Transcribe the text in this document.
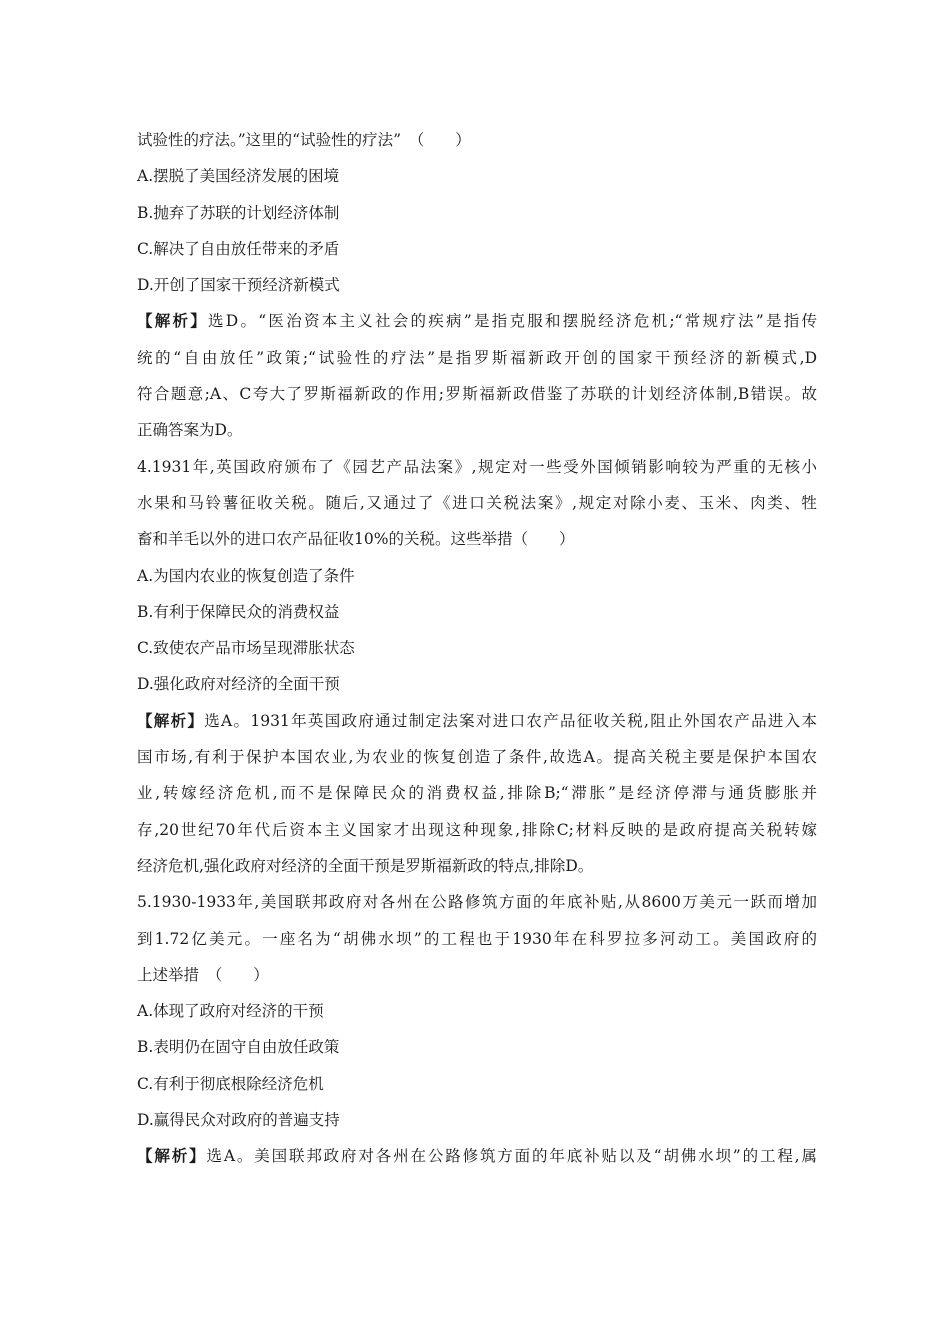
试验性的疗法。”这里的“试验性的疗法”　（　　）
A.摆脱了美国经济发展的困境
B.抛弃了苏联的计划经济体制
C.解决了自由放任带来的矛盾
D.开创了国家干预经济新模式
【解析】选D。“医治资本主义社会的疾病”是指克服和摆脱经济危机;“常规疗法”是指传
统的“自由放任”政策;“试验性的疗法”是指罗斯福新政开创的国家干预经济的新模式,D
符合题意;A、C夸大了罗斯福新政的作用;罗斯福新政借鉴了苏联的计划经济体制,B错误。故
正确答案为D。
4.1931年,英国政府颁布了《园艺产品法案》,规定对一些受外国倾销影响较为严重的无核小
水果和马铃薯征收关税。随后,又通过了《进口关税法案》,规定对除小麦、玉米、肉类、牲
畜和羊毛以外的进口农产品征收10%的关税。这些举措（　　）
A.为国内农业的恢复创造了条件
B.有利于保障民众的消费权益
C.致使农产品市场呈现滞胀状态
D.强化政府对经济的全面干预
【解析】选A。1931年英国政府通过制定法案对进口农产品征收关税,阻止外国农产品进入本
国市场,有利于保护本国农业,为农业的恢复创造了条件,故选A。提高关税主要是保护本国农
业,转嫁经济危机,而不是保障民众的消费权益,排除B;“滞胀”是经济停滞与通货膨胀并
存,20世纪70年代后资本主义国家才出现这种现象,排除C;材料反映的是政府提高关税转嫁
经济危机,强化政府对经济的全面干预是罗斯福新政的特点,排除D。
5.1930-1933年,美国联邦政府对各州在公路修筑方面的年底补贴,从8600万美元一跃而增加
到1.72亿美元。一座名为“胡佛水坝”的工程也于1930年在科罗拉多河动工。美国政府的
上述举措　（　　）
A.体现了政府对经济的干预
B.表明仍在固守自由放任政策
C.有利于彻底根除经济危机
D.赢得民众对政府的普遍支持
【解析】选A。美国联邦政府对各州在公路修筑方面的年底补贴以及“胡佛水坝”的工程,属
